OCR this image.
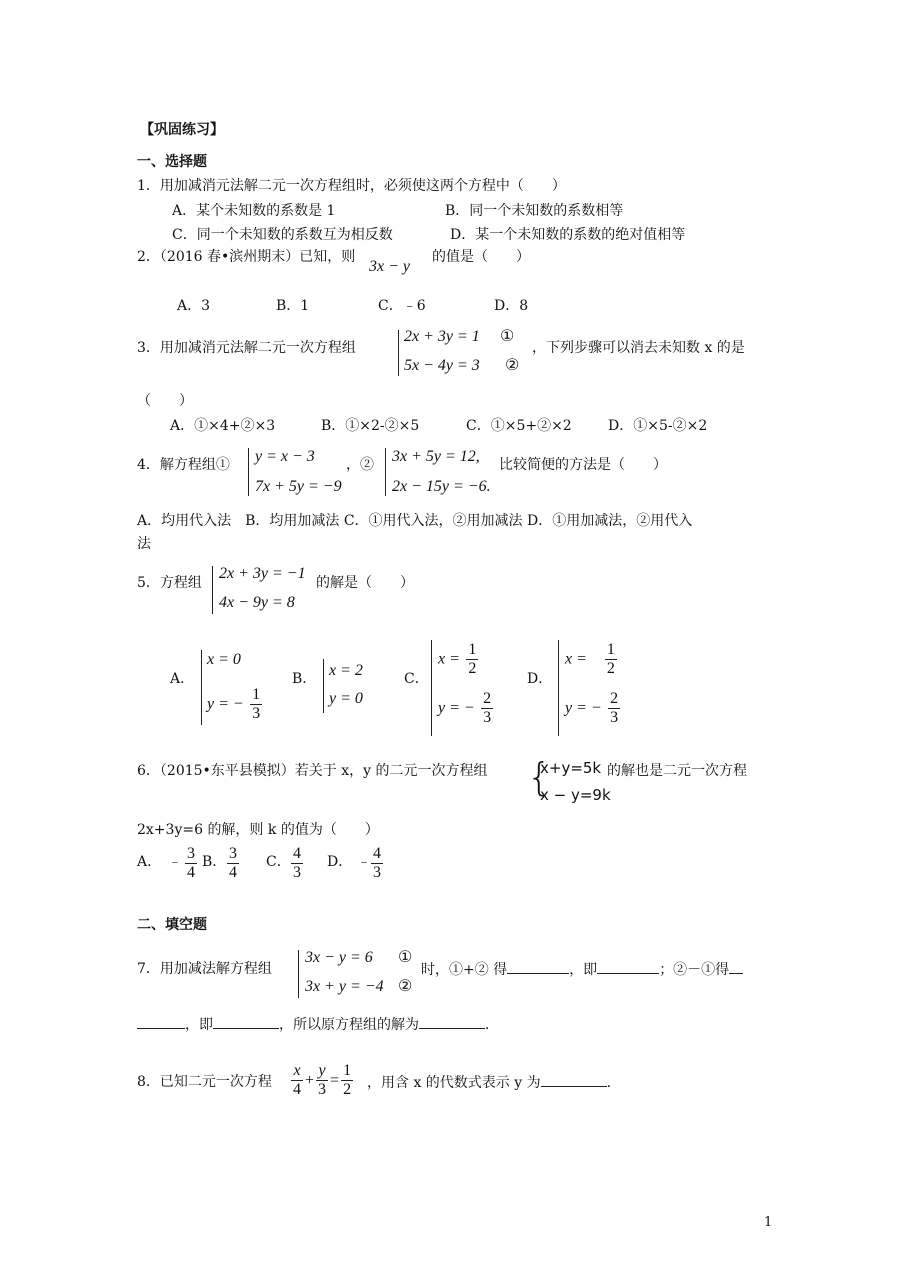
【巩固练习】
一、选择题
1．用加减消元法解二元一次方程组时，必须使这两个方程中（　　）
A．某个未知数的系数是 1	B．同一个未知数的系数相等
C．同一个未知数的系数互为相反数	D．某一个未知数的系数的绝对值相等
2．（2016 春•滨州期末）已知，则
3x − y
的值是（　　）
A．3	B．1	C．﹣6	D．8
3．用加减消元法解二元一次方程组
2x + 3y = 1 ①
5x − 4y = 3 ②
，下列步骤可以消去未知数 x 的是
（　　）
A．①×4+②×3	B．①×2-②×5	C．①×5+②×2	D．①×5-②×2
4．解方程组① y = x − 3
7x + 5y = −9
，② 3x + 5y = 12,
2x − 15y = −6.
比较简便的方法是（　　）
A．均用代入法　B．均用加减法 C．①用代入法，②用加减法 D．①用加减法，②用代入
法
5．方程组
2x + 3y = −1
4x − 9y = 8
的解是（　　）
A．
x = 0
y = − $\frac{1}{3}$
B． x = 2
y = 0
C．
$x = \frac{1}{2}$
y = − $\frac{2}{3}$
D．
$x = \frac{1}{2}$
y = − $\frac{2}{3}$
6．（2015•东平县模拟）若关于 x，y 的二元一次方程组 {
x+y=5k
x − y=9k
的解也是二元一次方程
2x+3y=6 的解，则 k 的值为（　　）
A． ﹣ $\frac{3}{4}$ B． $\frac{3}{4}$ C． $\frac{4}{3}$ D． ﹣ $\frac{4}{3}$
二、填空题
7．用加减法解方程组
3x − y = 6 ①
3x + y = −4 ②
时，①+② 得	，即	；②－①得
，即	，所以原方程组的解为	.
8．已知二元一次方程 $\frac{x}{4} + \frac{y}{3} = \frac{1}{2}$ ，用含 x 的代数式表示 y 为	.
1
